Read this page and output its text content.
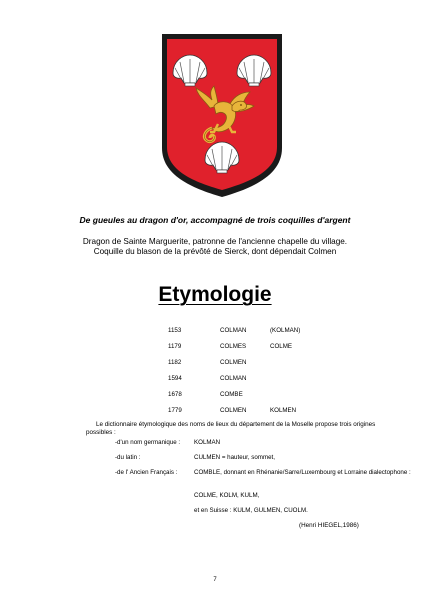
De gueules au dragon d'or, accompagné de trois coquilles d'argent
Dragon de Sainte Marguerite, patronne de l'ancienne chapelle du village.
Coquille du blason de la prévôté de Sierck, dont dépendait Colmen
Etymologie
1153	COLMAN	(KOLMAN)
1179	COLMES	COLME
1182	COLMEN
1594	COLMAN
1678	COMBE
1779	COLMEN	KOLMEN
Le dictionnaire étymologique des noms de lieux du département de la Moselle propose trois origines possibles :
-d'un nom germanique : KOLMAN
-du latin :	CULMEN = hauteur, sommet,
-de l' Ancien Français :	COMBLE, donnant en Rhénanie/Sarre/Luxembourg et Lorraine dialectophone :
COLME, KOLM, KULM,
et en Suisse : KULM, GULMEN, CUOLM.
(Henri HIEGEL,1986)
7
